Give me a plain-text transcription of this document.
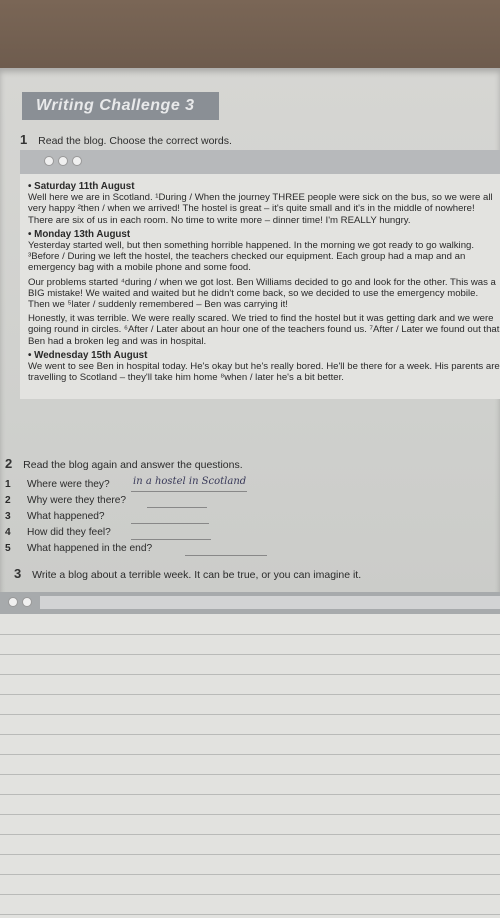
Writing Challenge 3
1 Read the blog. Choose the correct words.
• Saturday 11th August

Well here we are in Scotland. ¹During / When the journey THREE people were sick on the bus, so we were all very happy ²then / when we arrived! The hostel is great – it's quite small and it's in the middle of nowhere! There are six of us in each room. No time to write more – dinner time! I'm REALLY hungry.

• Monday 13th August

Yesterday started well, but then something horrible happened. In the morning we got ready to go walking. ³Before / During we left the hostel, the teachers checked our equipment. Each group had a map and an emergency bag with a mobile phone and some food.

Our problems started ⁴during / when we got lost. Ben Williams decided to go and look for the other. This was a BIG mistake! We waited and waited but he didn't come back, so we decided to use the emergency mobile. Then we ⁵later / suddenly remembered – Ben was carrying it!

Honestly, it was terrible. We were really scared. We tried to find the hostel but it was getting dark and we were going round in circles. ⁶After / Later about an hour one of the teachers found us. ⁷After / Later we found out that Ben had a broken leg and was in hospital.

• Wednesday 15th August

We went to see Ben in hospital today. He's okay but he's really bored. He'll be there for a week. His parents are travelling to Scotland – they'll take him home ⁸when / later he's a bit better.

2 Read the blog again and answer the questions.
1	Where were they? in a hostel in Scotland
2	Why were they there?
3	What happened?
4	How did they feel?
5	What happened in the end?
3 Write a blog about a terrible week. It can be true, or you can imagine it.
